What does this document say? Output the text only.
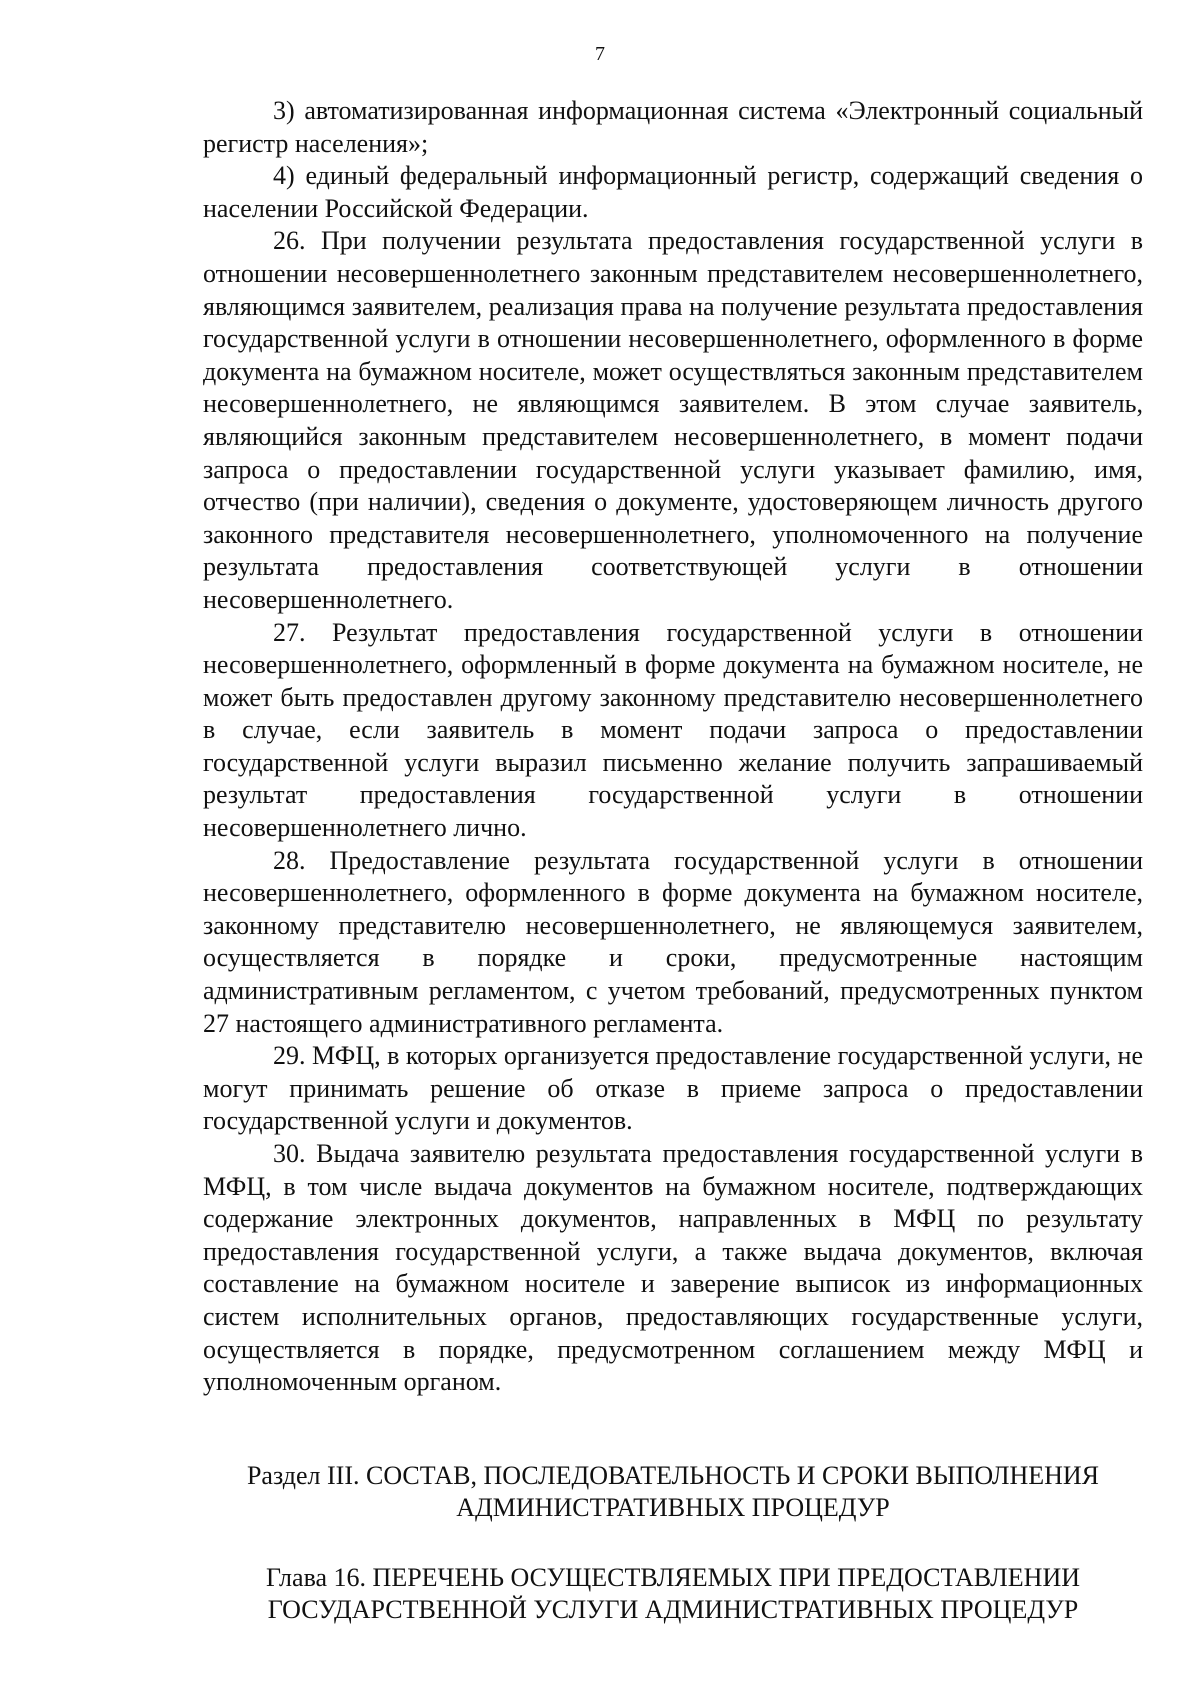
7

3) автоматизированная информационная система «Электронный социальный регистр населения»;

4) единый федеральный информационный регистр, содержащий сведения о населении Российской Федерации.

26. При получении результата предоставления государственной услуги в отношении несовершеннолетнего законным представителем несовершеннолетнего, являющимся заявителем, реализация права на получение результата предоставления государственной услуги в отношении несовершеннолетнего, оформленного в форме документа на бумажном носителе, может осуществляться законным представителем несовершеннолетнего, не являющимся заявителем. В этом случае заявитель, являющийся законным представителем несовершеннолетнего, в момент подачи запроса о предоставлении государственной услуги указывает фамилию, имя, отчество (при наличии), сведения о документе, удостоверяющем личность другого законного представителя несовершеннолетнего, уполномоченного на получение результата предоставления соответствующей услуги в отношении несовершеннолетнего.

27. Результат предоставления государственной услуги в отношении несовершеннолетнего, оформленный в форме документа на бумажном носителе, не может быть предоставлен другому законному представителю несовершеннолетнего в случае, если заявитель в момент подачи запроса о предоставлении государственной услуги выразил письменно желание получить запрашиваемый результат предоставления государственной услуги в отношении несовершеннолетнего лично.

28. Предоставление результата государственной услуги в отношении несовершеннолетнего, оформленного в форме документа на бумажном носителе, законному представителю несовершеннолетнего, не являющемуся заявителем, осуществляется в порядке и сроки, предусмотренные настоящим административным регламентом, с учетом требований, предусмотренных пунктом 27 настоящего административного регламента.

29. МФЦ, в которых организуется предоставление государственной услуги, не могут принимать решение об отказе в приеме запроса о предоставлении государственной услуги и документов.

30. Выдача заявителю результата предоставления государственной услуги в МФЦ, в том числе выдача документов на бумажном носителе, подтверждающих содержание электронных документов, направленных в МФЦ по результату предоставления государственной услуги, а также выдача документов, включая составление на бумажном носителе и заверение выписок из информационных систем исполнительных органов, предоставляющих государственные услуги, осуществляется в порядке, предусмотренном соглашением между МФЦ и уполномоченным органом.

Раздел III. СОСТАВ, ПОСЛЕДОВАТЕЛЬНОСТЬ И СРОКИ ВЫПОЛНЕНИЯ
АДМИНИСТРАТИВНЫХ ПРОЦЕДУР
Глава 16. ПЕРЕЧЕНЬ ОСУЩЕСТВЛЯЕМЫХ ПРИ ПРЕДОСТАВЛЕНИИ
ГОСУДАРСТВЕННОЙ УСЛУГИ АДМИНИСТРАТИВНЫХ ПРОЦЕДУР
